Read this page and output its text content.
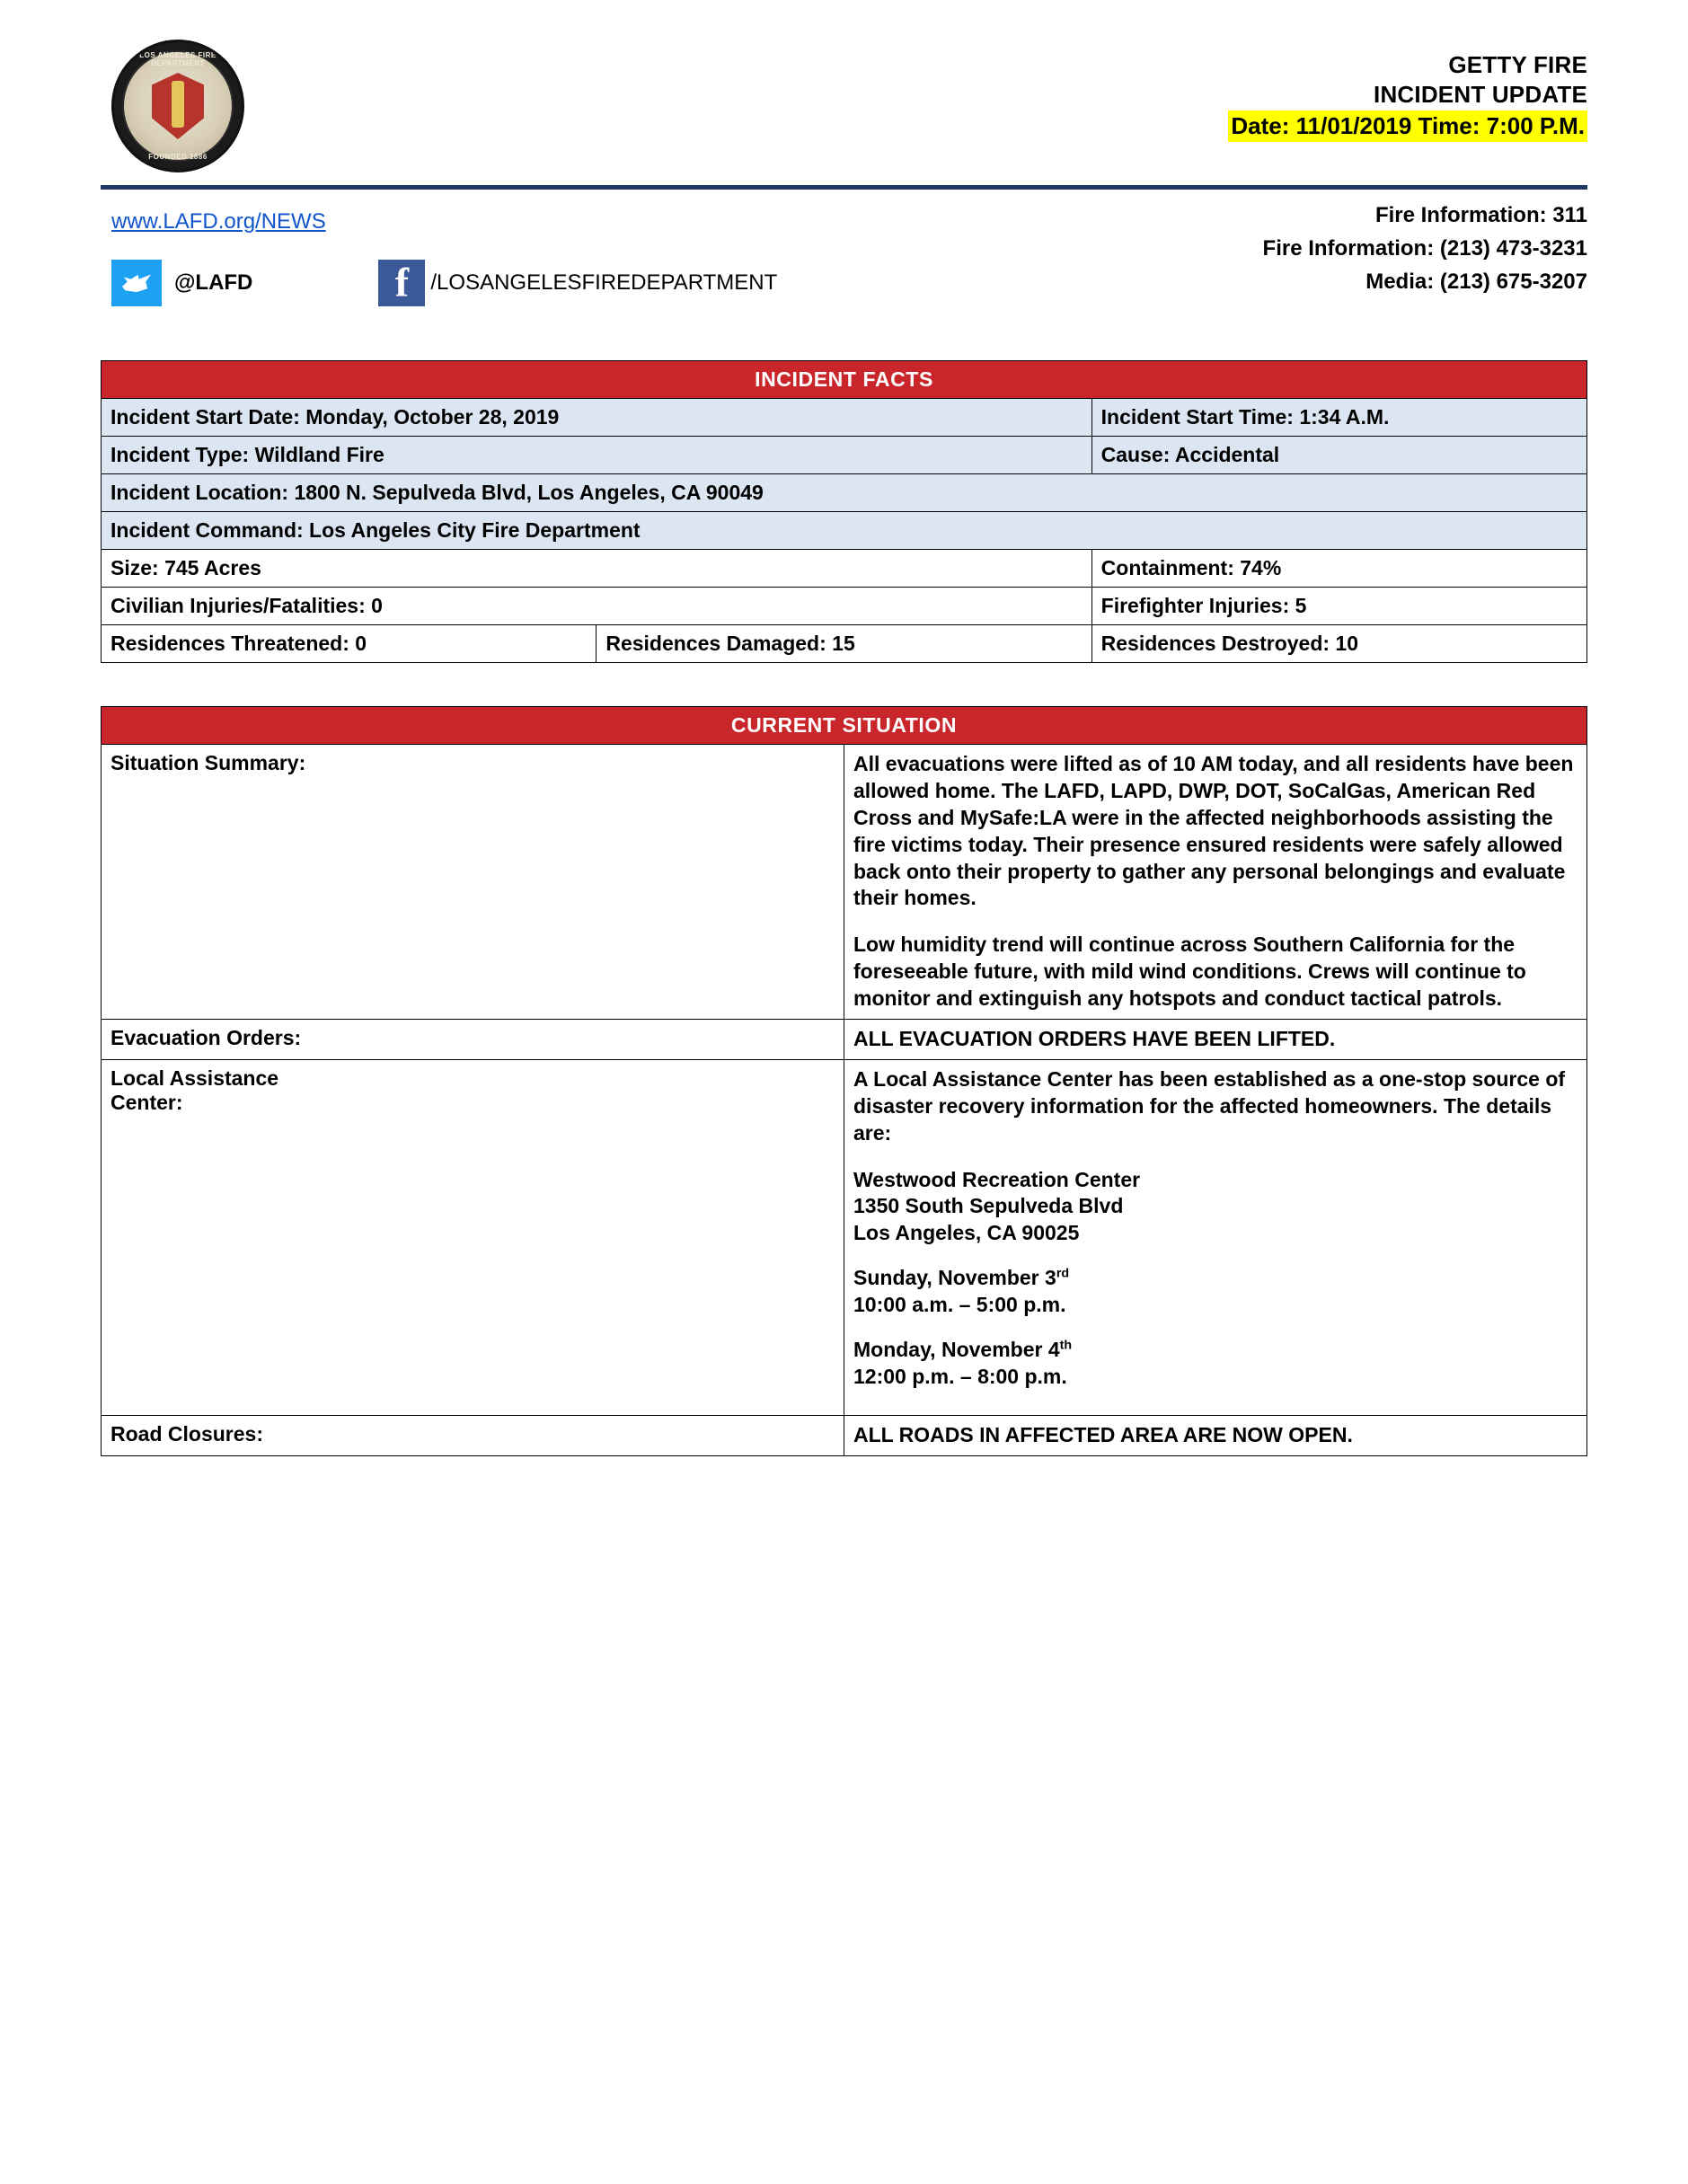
LOS ANGELES FIRE DEPARTMENT
FOUNDED 1886
GETTY FIRE
INCIDENT UPDATE
Date: 11/01/2019 Time: 7:00 P.M.
www.LAFD.org/NEWS
@LAFD f	/LOSANGELESFIREDEPARTMENT
Fire Information: 311
Fire Information: (213) 473-3231
Media: (213) 675-3207
INCIDENT FACTS		
Incident Start Date: Monday, October 28, 2019		Incident Start Time: 1:34 A.M.
Incident Type: Wildland Fire		Cause: Accidental
Incident Location: 1800 N. Sepulveda Blvd, Los Angeles, CA 90049		
Incident Command: Los Angeles City Fire Department		
Size: 745 Acres		Containment: 74%
Civilian Injuries/Fatalities: 0		Firefighter Injuries: 5
Residences Threatened: 0	Residences Damaged: 15	Residences Destroyed: 10
CURRENT SITUATION	
Situation Summary:	All evacuations were lifted as of 10 AM today, and all residents have been allowed home. The LAFD, LAPD, DWP, DOT, SoCalGas, American Red Cross and MySafe:LA were in the affected neighborhoods assisting the fire victims today. Their presence ensured residents were safely allowed back onto their property to gather any personal belongings and evaluate their homes.

Low humidity trend will continue across Southern California for the foreseeable future, with mild wind conditions. Crews will continue to monitor and extinguish any hotspots and conduct tactical patrols.

Evacuation Orders:	ALL EVACUATION ORDERS HAVE BEEN LIFTED.

Local Assistance
Center:

A Local Assistance Center has been established as a one-stop source of disaster recovery information for the affected homeowners. The details are:

Westwood Recreation Center
1350 South Sepulveda Blvd
Los Angeles, CA 90025
Sunday, November 3rd
10:00 a.m. – 5:00 p.m.
Monday, November 4th
12:00 p.m. – 8:00 p.m.

Road Closures:	ALL ROADS IN AFFECTED AREA ARE NOW OPEN.
